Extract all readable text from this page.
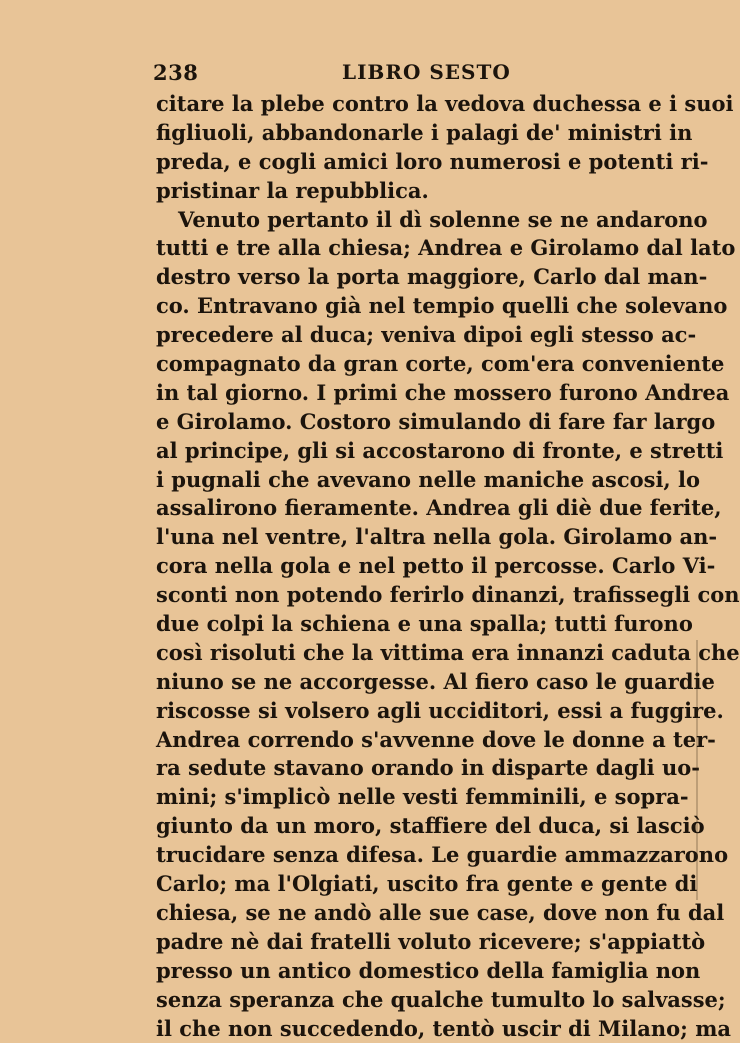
238	LIBRO SESTO
citare la plebe contro la vedova duchessa e i suoi
figliuoli, abbandonarle i palagi de' ministri in
preda, e cogli amici loro numerosi e potenti ri-
pristinar la repubblica.
Venuto pertanto il dì solenne se ne andarono
tutti e tre alla chiesa; Andrea e Girolamo dal lato
destro verso la porta maggiore, Carlo dal man-
co. Entravano già nel tempio quelli che solevano
precedere al duca; veniva dipoi egli stesso ac-
compagnato da gran corte, com'era conveniente
in tal giorno. I primi che mossero furono Andrea
e Girolamo. Costoro simulando di fare far largo
al principe, gli si accostarono di fronte, e stretti
i pugnali che avevano nelle maniche ascosi, lo
assalirono fieramente. Andrea gli diè due ferite,
l'una nel ventre, l'altra nella gola. Girolamo an-
cora nella gola e nel petto il percosse. Carlo Vi-
sconti non potendo ferirlo dinanzi, trafissegli con
due colpi la schiena e una spalla; tutti furono
così risoluti che la vittima era innanzi caduta che
niuno se ne accorgesse. Al fiero caso le guardie
riscosse si volsero agli ucciditori, essi a fuggire.
Andrea correndo s'avvenne dove le donne a ter-
ra sedute stavano orando in disparte dagli uo-
mini; s'implicò nelle vesti femminili, e sopra-
giunto da un moro, staffiere del duca, si lasciò
trucidare senza difesa. Le guardie ammazzarono
Carlo; ma l'Olgiati, uscito fra gente e gente di
chiesa, se ne andò alle sue case, dove non fu dal
padre nè dai fratelli voluto ricevere; s'appiattò
presso un antico domestico della famiglia non
senza speranza che qualche tumulto lo salvasse;
il che non succedendo, tentò uscir di Milano; ma
